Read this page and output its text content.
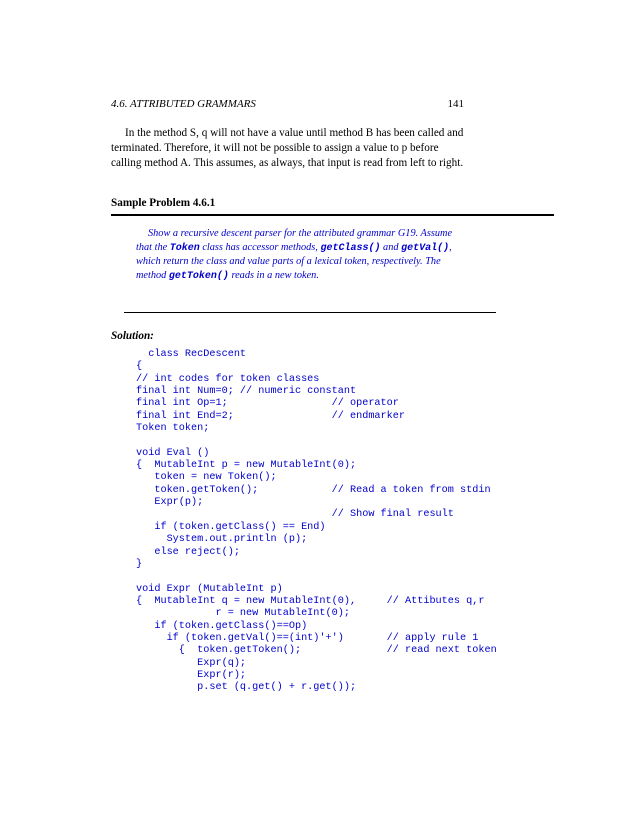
4.6. ATTRIBUTED GRAMMARS	141

In the method S, q will not have a value until method B has been called and terminated. Therefore, it will not be possible to assign a value to p before calling method A. This assumes, as always, that input is read from left to right.

Sample Problem 4.6.1

Show a recursive descent parser for the attributed grammar G19. Assume that the Token class has accessor methods, getClass() and getVal(), which return the class and value parts of a lexical token, respectively. The method getToken() reads in a new token.

Solution:
class RecDescent
{
// int codes for token classes
final int Num=0; // numeric constant
final int Op=1;                 // operator
final int End=2;                // endmarker
Token token;
void Eval ()
{  MutableInt p = new MutableInt(0);
token = new Token();
token.getToken();            // Read a token from stdin
Expr(p);
// Show final result
if (token.getClass() == End)
System.out.println (p);
else reject();
}
void Expr (MutableInt p)
{  MutableInt q = new MutableInt(0),     // Attibutes q,r
r = new MutableInt(0);
if (token.getClass()==Op)
if (token.getVal()==(int)'+')       // apply rule 1
{  token.getToken();              // read next token
Expr(q);
Expr(r);
p.set (q.get() + r.get());
